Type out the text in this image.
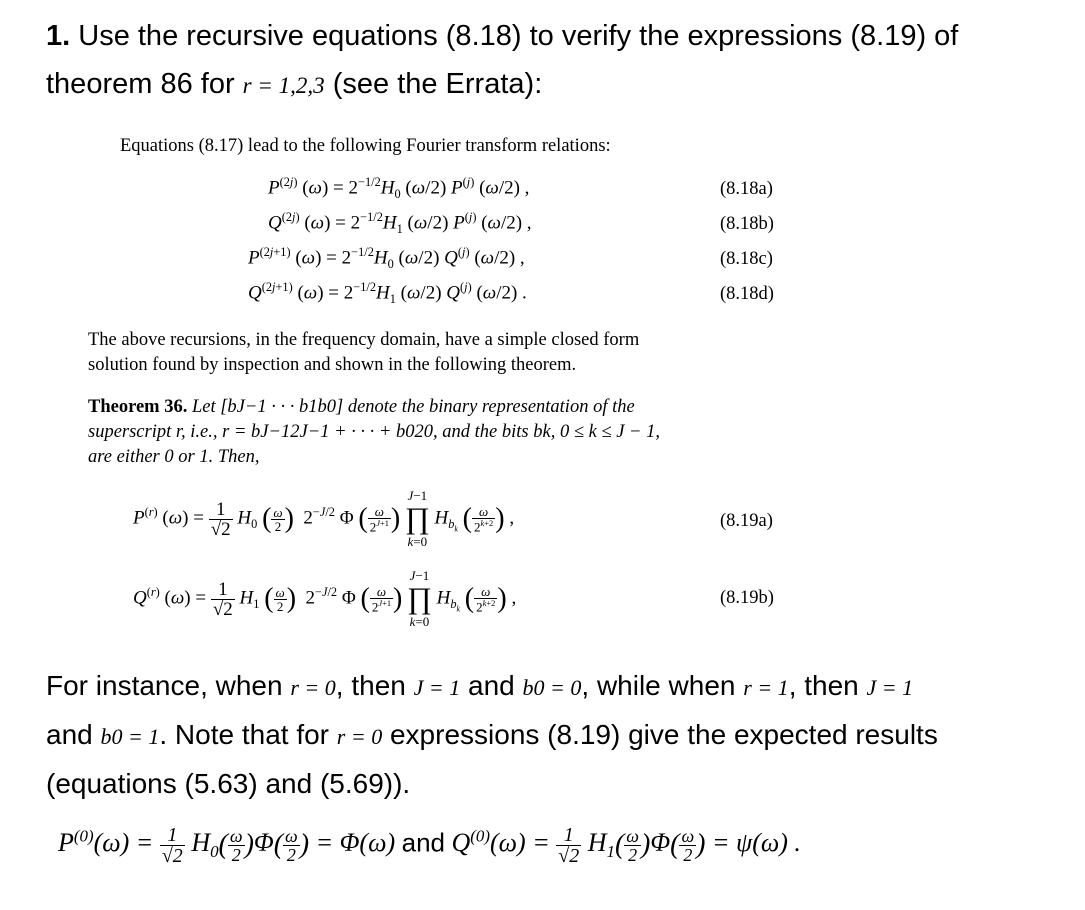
1. Use the recursive equations (8.18) to verify the expressions (8.19) of
theorem 86 for r = 1,2,3 (see the Errata):
Equations (8.17) lead to the following Fourier transform relations:
$P^{(2j)}$ $(\omega) = 2^{-1/2}H_0$ (ω/2) $P^{(j)}$ (ω/2) ,	(8.18a)
$Q^{(2j)}$ $(\omega) = 2^{-1/2}H_1$ (ω/2) $P^{(j)}$ (ω/2) ,	(8.18b)
$P^{(2j+1)}$ $(\omega) = 2^{-1/2}H_0$ (ω/2) $Q^{(j)}$ (ω/2) ,	(8.18c)
$Q^{(2j+1)}$ $(\omega) = 2^{-1/2}H_1$ (ω/2) $Q^{(j)}$ (ω/2) .	(8.18d)
The above recursions, in the frequency domain, have a simple closed form
solution found by inspection and shown in the following theorem.
Theorem 36. Let [bJ−1 · · · b1b0] denote the binary representation of the
superscript r, i.e., r = bJ−12J−1 + · · · + b020, and the bits bk, 0 ≤ k ≤ J − 1,
are either 0 or 1. Then,
$P^{(r)}$ $(\omega) = \frac{1}{√2} H_0$ ( $\frac{\omega}{2}$ )  $2^{-J/2}$ Φ ( $\frac{\omega}{2^{J+1}}$ )
J−1
∏
k=0
$H_{b_k}$ ( $\frac{\omega}{2^{k+2}}$ ) ,	(8.19a)
$Q^{(r)}$ $(\omega) = \frac{1}{√2} H_1$ ( $\frac{\omega}{2}$ )  $2^{-J/2}$ Φ ( $\frac{\omega}{2^{J+1}}$ )
J−1
∏
k=0
$H_{b_k}$ ( $\frac{\omega}{2^{k+2}}$ ) ,	(8.19b)
For instance, when r = 0, then J = 1 and b0 = 0, while when r = 1, then J = 1
and b0 = 1. Note that for r = 0 expressions (8.19) give the expected results
(equations (5.63) and (5.69)).
$P^{(0)}(\omega) = \frac{1}{√2} H_0( \frac{\omega}{2} )\Phi( \frac{\omega}{2}$ ) = Φ(ω) and $Q^{(0)}(\omega) = \frac{1}{√2} H_1( \frac{\omega}{2} )\Phi( \frac{\omega}{2}$ ) = ψ(ω) .
